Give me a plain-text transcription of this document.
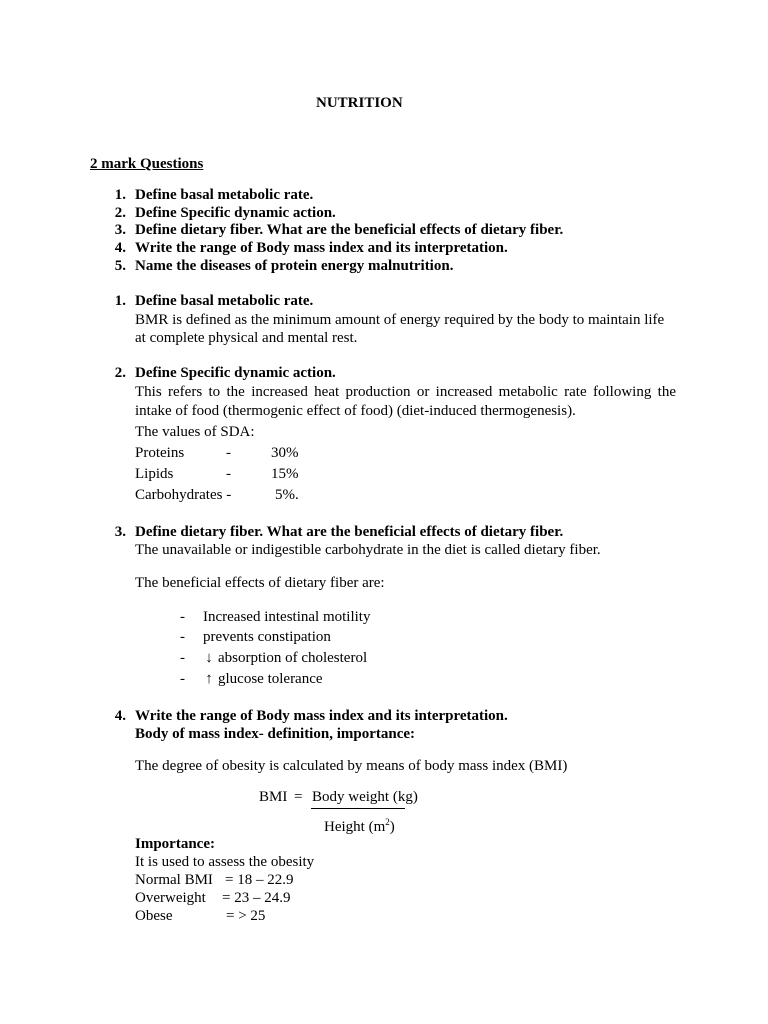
NUTRITION
2 mark Questions
1. Define basal metabolic rate.
2. Define Specific dynamic action.
3. Define dietary fiber. What are the beneficial effects of dietary fiber.
4. Write the range of Body mass index and its interpretation.
5. Name the diseases of protein energy malnutrition.
1. Define basal metabolic rate.
BMR is defined as the minimum amount of energy required by the body to maintain life
at complete physical and mental rest.
2. Define Specific dynamic action.
This refers to the increased heat production or increased metabolic rate following the
intake of food (thermogenic effect of food) (diet-induced thermogenesis).
The values of SDA:
Proteins	-	30%
Lipids	-	15%
Carbohydrates -	5%.
3. Define dietary fiber. What are the beneficial effects of dietary fiber.
The unavailable or indigestible carbohydrate in the diet is called dietary fiber.
The beneficial effects of dietary fiber are:
- Increased intestinal motility
- prevents constipation
- ↓ absorption of cholesterol
- ↑ glucose tolerance
4. Write the range of Body mass index and its interpretation.
Body of mass index- definition, importance:
The degree of obesity is calculated by means of body mass index (BMI)
BMI = Body weight (kg)
Height $(m^2)$
Importance:
It is used to assess the obesity
Normal BMI = 18 – 22.9
Overweight = 23 – 24.9
Obese	= > 25
